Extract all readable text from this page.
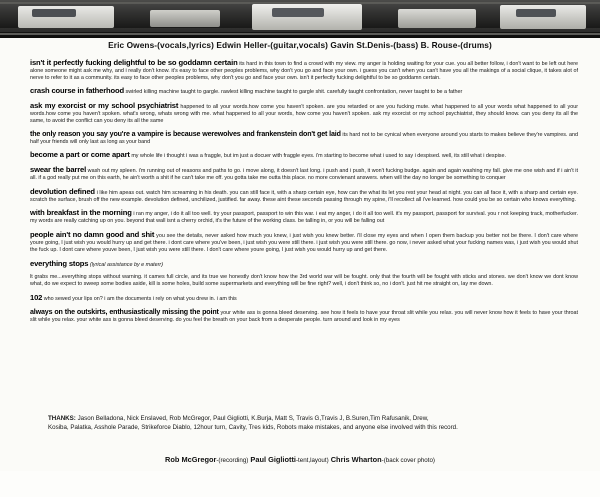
Eric Owens-(vocals,lyrics) Edwin Heller-(guitar,vocals) Gavin St.Denis-(bass) B. Rouse-(drums)

isn't it perfectly fucking delightful to be so goddamn certain its hard in this town to find a crowd with my view. my anger is holding waiting for your cue. you all better follow, i don't want to be left out here alone someone might ask me why, and i really don't know. it's easy to face other peoples problems, why don't you go and face your own. i guess you can't when you can't have you all the makings of a social clique, it takes alot of nerve to refer to it as a community. its easy to face other peoples problems, why don't you go and face your own. isn't it perfectly fucking delightful to be so goddamn certain.

crash course in fatherhood swirled killing machine taught to gargle. rawlest killing machine taught to gargle shit. carefully taught confrontation, never taught to be a father

ask my exorcist or my school psychiatrist happened to all your words.how come you haven't spoken. are you retarded or are you fucking mute. what happened to all your words what happened to all your words.how come you haven't spoken. what's wrong, whats wrong with me. what happened to all your words, how come you haven't spoken. ask my exorcist or my school psychiatrist, they should know. can you deny its all the same, to avoid the conflict can you deny its all the same

the only reason you say you're a vampire is because werewolves and frankenstein don't get laid its hard not to be cynical when everyone around you starts to makes believe they're vampires. and half your friends will only last as long as your band

become a part or come apart my whole life i thought i was a fraggle, but im just a docuer with fraggle eyes. i'm starting to become what i used to say i despised. well, its still what i despise.

swear the barrel wash out my spleen. i'm running out of reasons and paths to go. i move along, it doesn't last long. i push and i push, it won't fucking budge. again and again washing my fall. give me one wish and if i ain't it all. if a god really put me on this earth, he ain't worth a shit if he can't take me off. you gotta take me outta this place. no more convienant answers. when will the day no longer be something to conquer

devolution defined i like him apeas out. watch him screaming in his death. you can still face it, with a sharp certain eye, how can the what its let you rest your head at night. you can all face it, with a sharp and certain eye. scratch the surface, brush off the new example. devolution defined, unchilized, justified. far away. these aint these seconds passing through my spine, i'll recollect all i've learned. how could you be so certain who knows everything.

with breakfast in the morning i ran my anger, i do it all too well. try your passport, passport to win this war. i eat my anger, i do it all too well. it's my passport, passport for survival. you r not keeping track, motherfucker. my words are really catching up on you. beyond that wall isnt a cherry orchid, it's the future of the working class. be talling in, or you will be falling out

people ain't no damn good and shit you see the details, never asked how much you knew, i just wish you knew better. i'll close my eyes and when I open them backup you better not be there. I don't care where youre going, I just wish you would hurry up and get there. i dont care where you've been, i just wish you were still there. i just wish you were still there. go now, i never asked what your fucking names was, i just wish you would shut the fuck up. I dont care where youve been, I just wish you were still there. I don't care where youre going, I just wish you would hurry up and get there.

everything stops (lyrical assistance by e materr)

lt grabs me...everything stops without warning. it cames full circle, and its true we honestly don't know how the 3rd world war will be fought. only that the fourth will be fought with sticks and stones. we don't know we dont know what, do we expect to sweep some bodies aside, kill is some holes, build some supermarkets and everything will be fine right? well, i don't think so, no i don't. just hit me straight on, lay me down.

102 who sewed your lips on? i am the documents i rely on what you drew in. i am this

always on the outskirts, enthusiastically missing the point your white ass is gonna bleed deserving. see how it feels to have your throat slit while you relax. you will never know how it feels to have your throat slit while you relax. your white ass is gonna bleed deserving. do you feel the breath on your back from a desperate people. turn around and look in my eyes

THANKS: Jason Belladona, Nick Enslaved, Rob McGregor, Paul Gigliotti, K.Burja, Matt S, Travis G,Travis J, B.Suren,Tim Rafusanik, Drew,
Kosiba, Palatka, Asshole Parade, Strikeforce Diablo, 12hour turn, Cavity, Tres kids, Robots make mistakes, and anyone else involved with this record.
Rob McGregor-(recording) Paul Gigliotti-tent,layout) Chris Wharton-(back cover photo)
